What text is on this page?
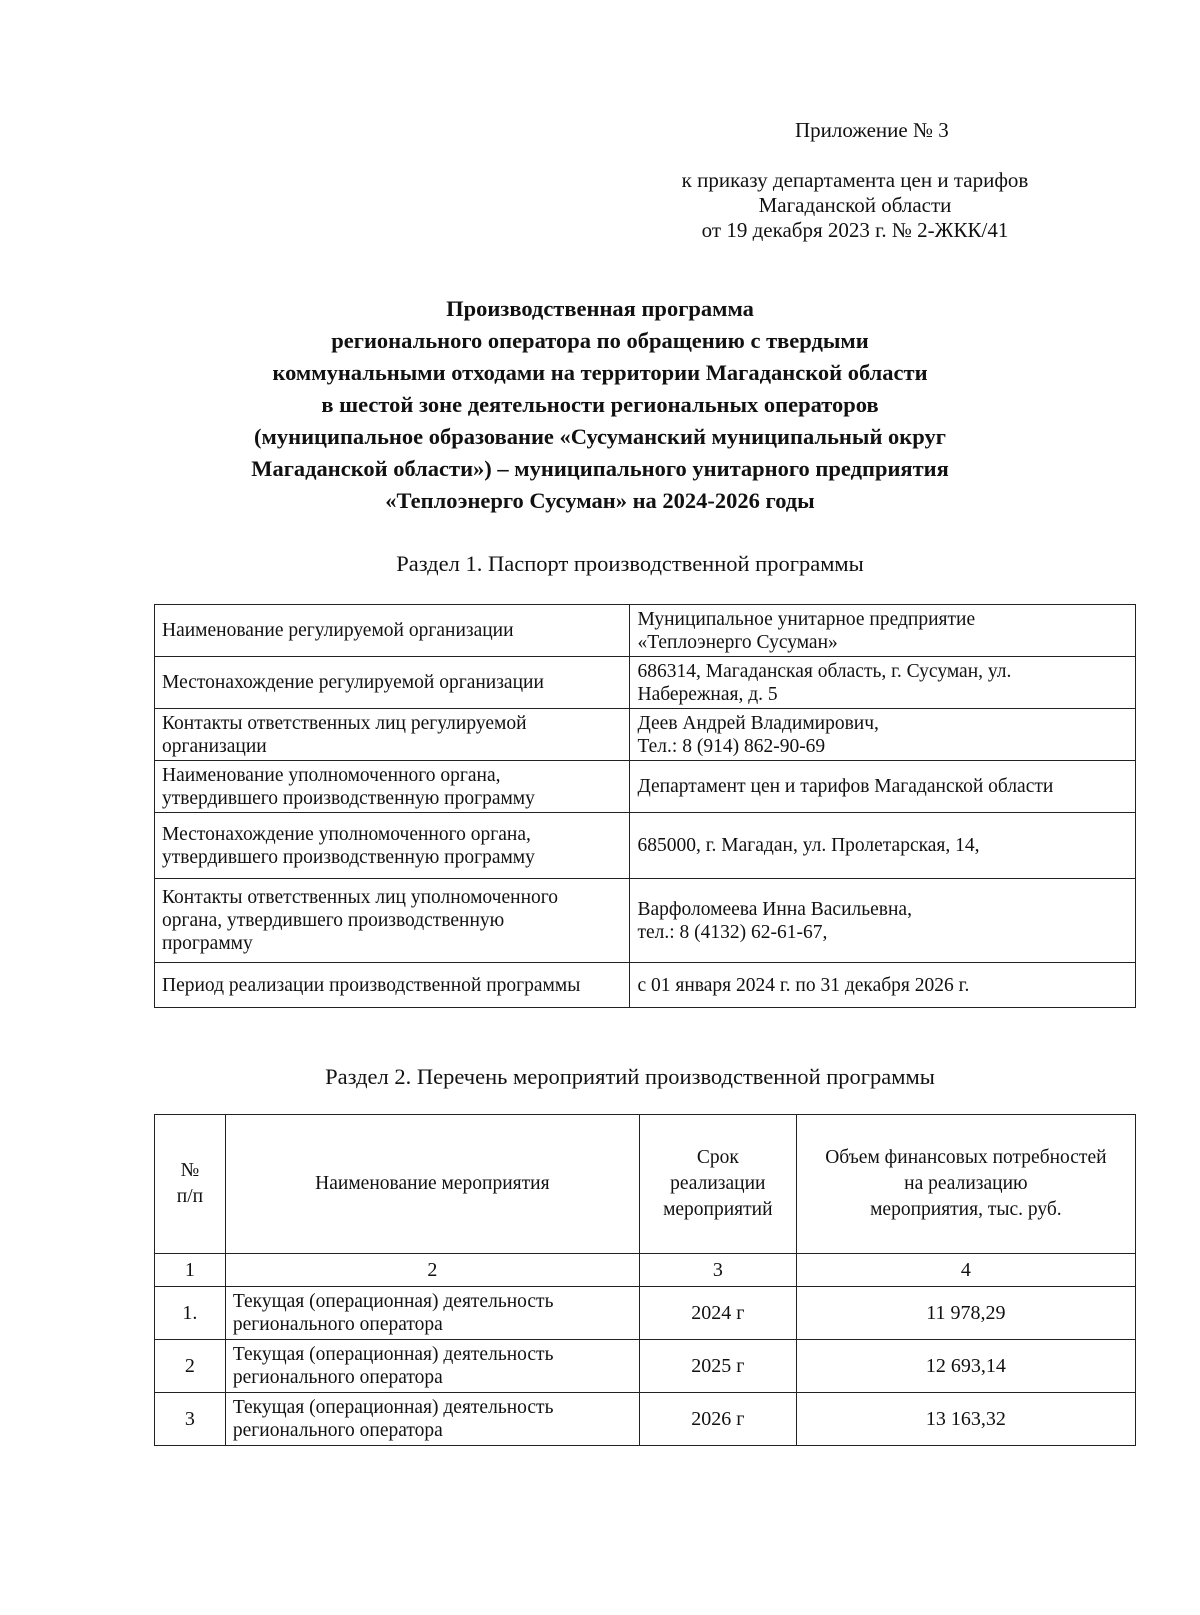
Приложение № 3
к приказу департамента цен и тарифов
Магаданской области
от 19 декабря 2023 г. № 2-ЖКК/41
Производственная программа
регионального оператора по обращению с твердыми
коммунальными отходами на территории Магаданской области
в шестой зоне деятельности региональных операторов
(муниципальное образование «Сусуманский муниципальный округ
Магаданской области») – муниципального унитарного предприятия
«Теплоэнерго Сусуман» на 2024-2026 годы
Раздел 1. Паспорт производственной программы
Наименование регулируемой организации	Муниципальное унитарное предприятие
«Теплоэнерго Сусуман»
Местонахождение регулируемой организации	686314, Магаданская область, г. Сусуман, ул.
Набережная, д. 5
Контакты ответственных лиц регулируемой
организации	Деев Андрей Владимирович,
Тел.: 8 (914) 862-90-69
Наименование уполномоченного органа,
утвердившего производственную программу	Департамент цен и тарифов Магаданской области
Местонахождение уполномоченного органа,
утвердившего производственную программу	685000, г. Магадан, ул. Пролетарская, 14,
Контакты ответственных лиц уполномоченного
органа, утвердившего производственную
программу	Варфоломеева Инна Васильевна,
тел.: 8 (4132) 62-61-67,
Период реализации производственной программы	с 01 января 2024 г. по 31 декабря 2026 г.
Раздел 2. Перечень мероприятий производственной программы
№
п/п	Наименование мероприятия	Срок
реализации
мероприятий	Объем финансовых потребностей
на реализацию
мероприятия, тыс. руб.
1	2	3	4
1.	Текущая (операционная) деятельность
регионального оператора	2024 г	11 978,29
2	Текущая (операционная) деятельность
регионального оператора	2025 г	12 693,14
3	Текущая (операционная) деятельность
регионального оператора	2026 г	13 163,32
